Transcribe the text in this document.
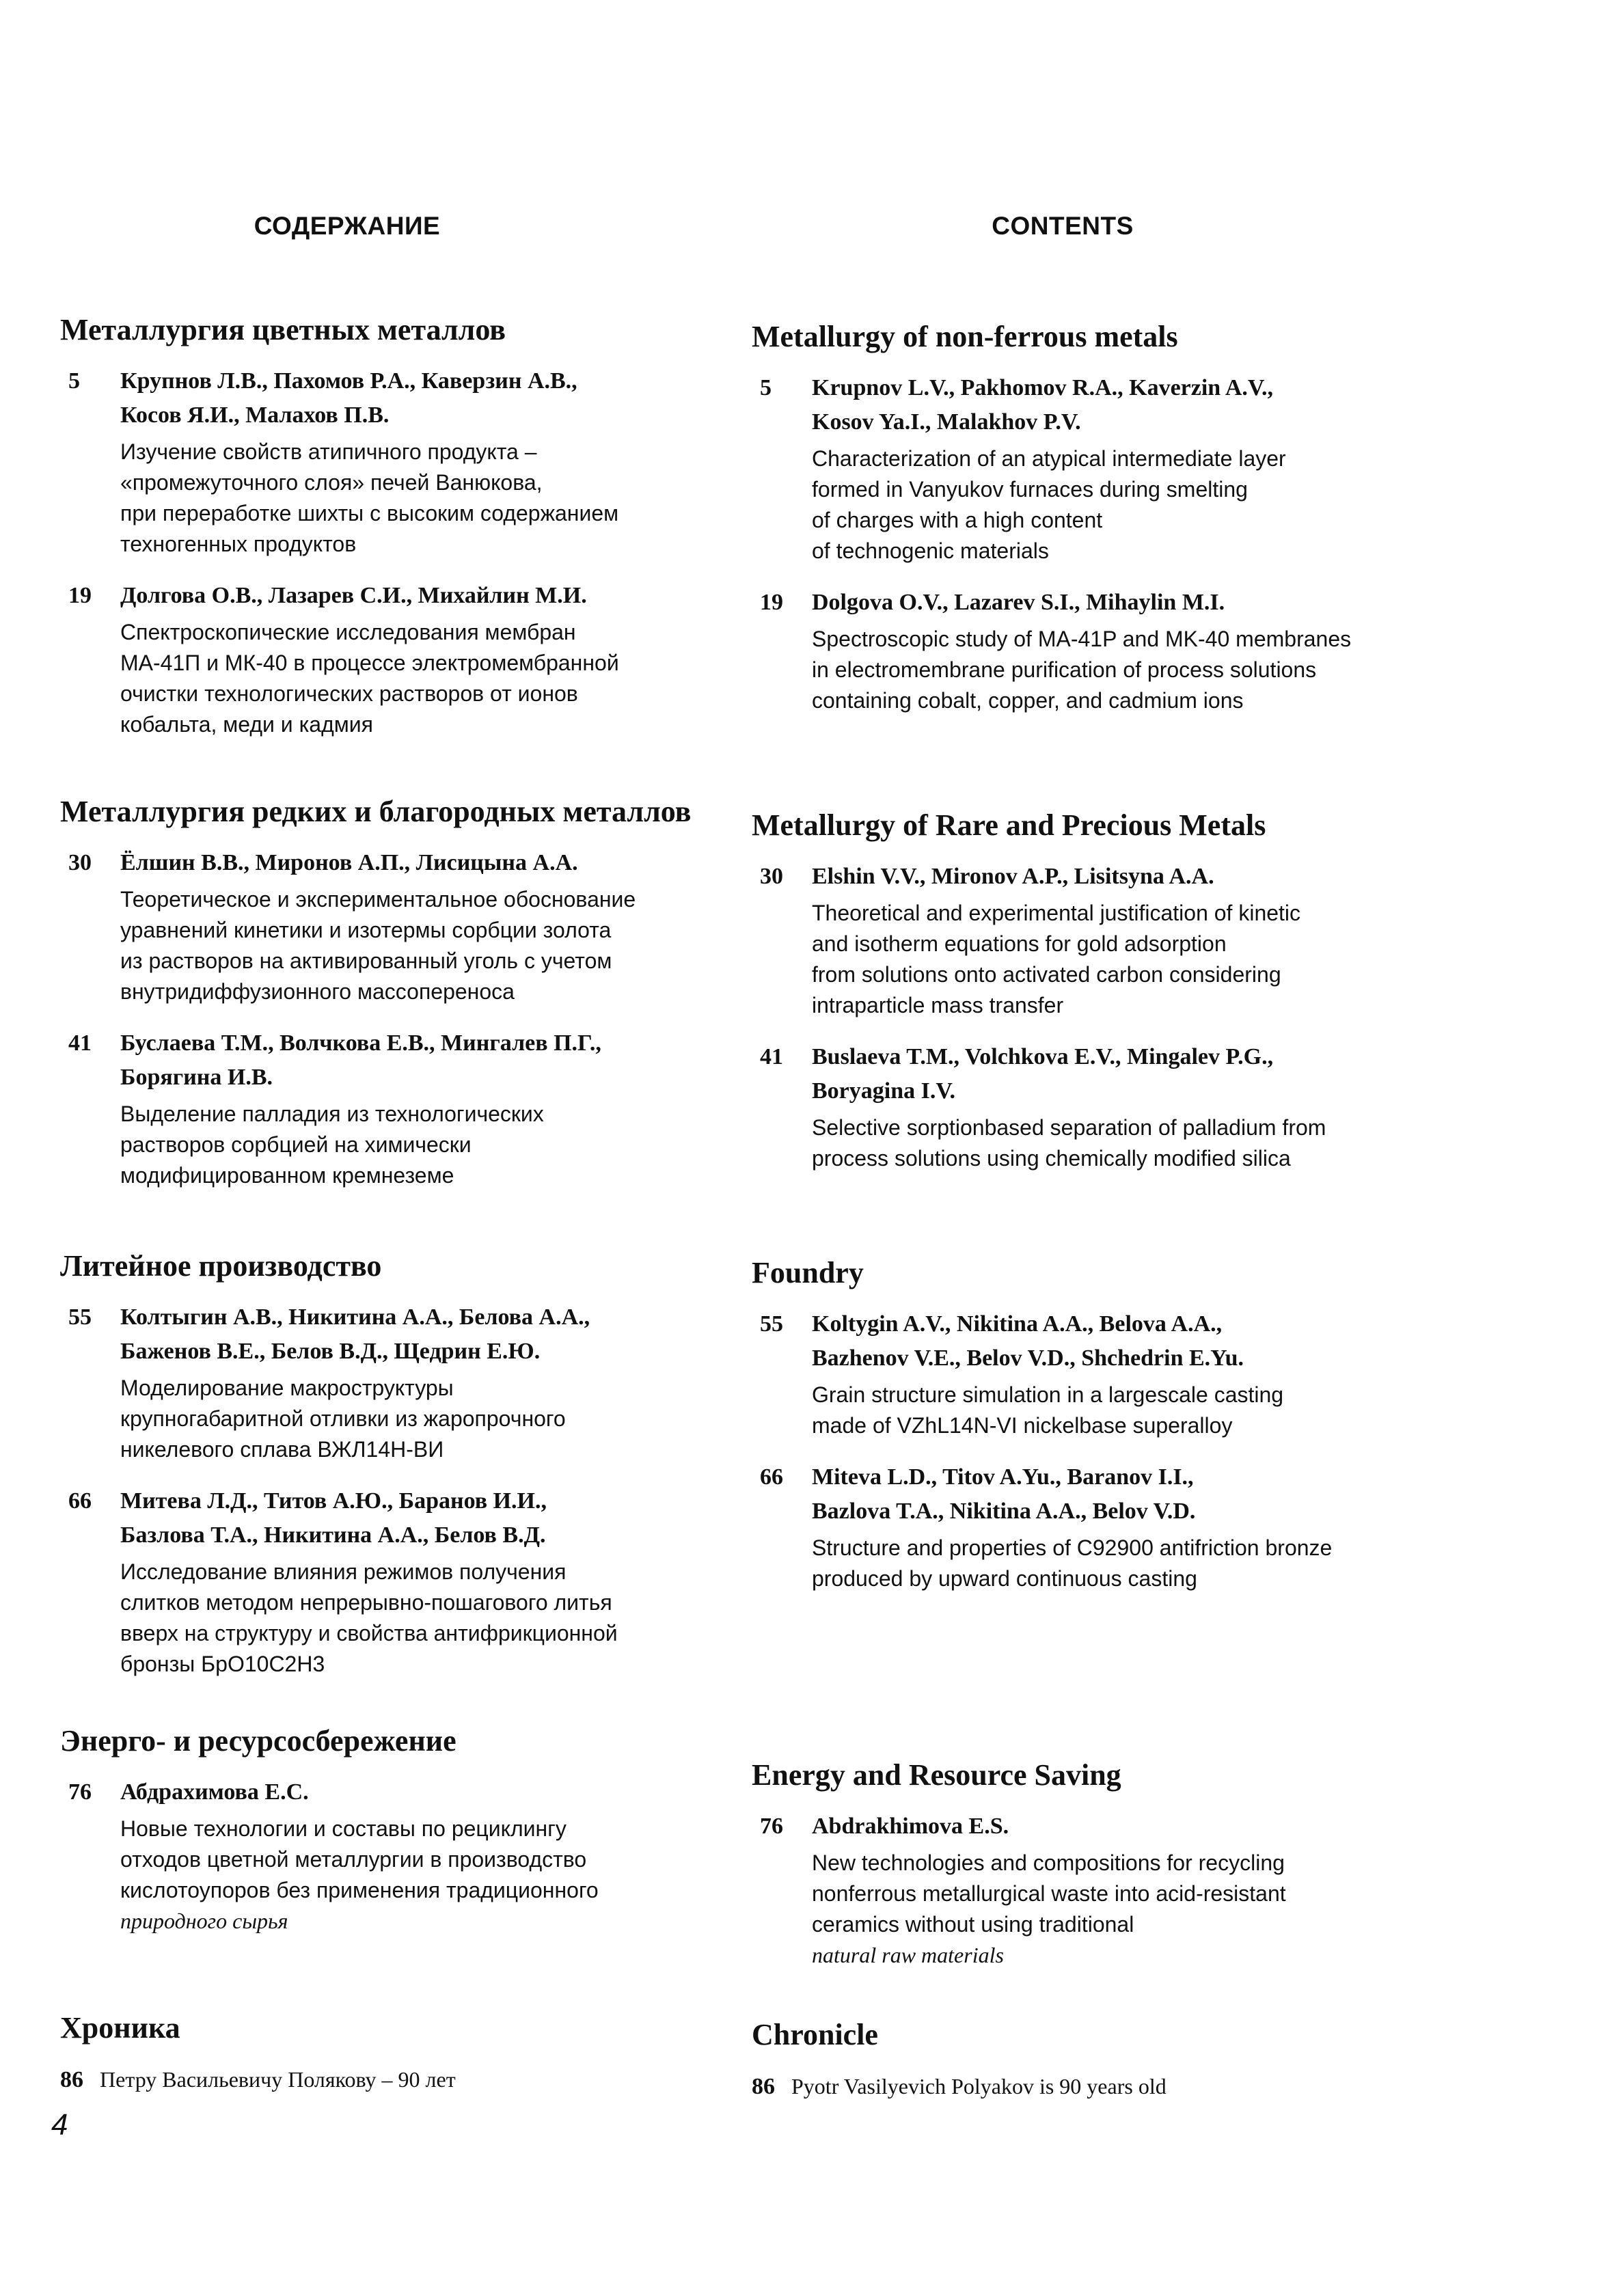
СОДЕРЖАНИЕ
Металлургия цветных металлов
5	Крупнов Л.В., Пахомов Р.А., Каверзин А.В.,
Косов Я.И., Малахов П.В.
Изучение свойств атипичного продукта –
«промежуточного слоя» печей Ванюкова,
при переработке шихты с высоким содержанием
техногенных продуктов
19	Долгова О.В., Лазарев С.И., Михайлин М.И.
Спектроскопические исследования мембран
МА-41П и МК-40 в процессе электромембранной
очистки технологических растворов от ионов
кобальта, меди и кадмия
Металлургия редких и благородных металлов
30	Ёлшин В.В., Миронов А.П., Лисицына А.А.
Теоретическое и экспериментальное обоснование
уравнений кинетики и изотермы сорбции золота
из растворов на активированный уголь с учетом
внутридиффузионного массопереноса
41	Буслаева Т.М., Волчкова Е.В., Мингалев П.Г.,
Борягина И.В.
Выделение палладия из технологических
растворов сорбцией на химически
модифицированном кремнеземе
Литейное производство
55	Колтыгин А.В., Никитина А.А., Белова А.А.,
Баженов В.Е., Белов В.Д., Щедрин Е.Ю.
Моделирование макроструктуры
крупногабаритной отливки из жаропрочного
никелевого сплава ВЖЛ14Н-ВИ
66	Митева Л.Д., Титов А.Ю., Баранов И.И.,
Базлова Т.А., Никитина А.А., Белов В.Д.
Исследование влияния режимов получения
слитков методом непрерывно-пошагового литья
вверх на структуру и свойства антифрикционной
бронзы БрО10С2Н3
Энерго- и ресурсосбережение
76	Абдрахимова Е.С.
Новые технологии и составы по рециклингу
отходов цветной металлургии в производство
кислотоупоров без применения традиционного
природного сырья
Хроника
86 Петру Васильевичу Полякову – 90 лет
CONTENTS
Metallurgy of non-ferrous metals
5	Krupnov L.V., Pakhomov R.A., Kaverzin A.V.,
Kosov Ya.I., Malakhov P.V.
Characterization of an atypical intermediate layer
formed in Vanyukov furnaces during smelting
of charges with a high content
of technogenic materials
19	Dolgova O.V., Lazarev S.I., Mihaylin M.I.
Spectroscopic study of MA-41P and MK-40 membranes
in electromembrane purification of process solutions
containing cobalt, copper, and cadmium ions
Metallurgy of Rare and Precious Metals
30	Elshin V.V., Mironov A.P., Lisitsyna A.A.
Theoretical and experimental justification of kinetic
and isotherm equations for gold adsorption
from solutions onto activated carbon considering
intraparticle mass transfer
41	Buslaeva T.M., Volchkova E.V., Mingalev P.G.,
Boryagina I.V.
Selective sorptionbased separation of palladium from
process solutions using chemically modified silica
Foundry
55	Koltygin A.V., Nikitina A.A., Belova A.A.,
Bazhenov V.E., Belov V.D., Shchedrin E.Yu.
Grain structure simulation in a largescale casting
made of VZhL14N-VI nickelbase superalloy
66	Miteva L.D., Titov A.Yu., Baranov I.I.,
Bazlova T.A., Nikitina A.A., Belov V.D.
Structure and properties of C92900 antifriction bronze
produced by upward continuous casting
Energy and Resource Saving
76	Abdrakhimova E.S.
New technologies and compositions for recycling
nonferrous metallurgical waste into acid-resistant
ceramics without using traditional
natural raw materials
Chronicle
86 Pyotr Vasilyevich Polyakov is 90 years old
4
